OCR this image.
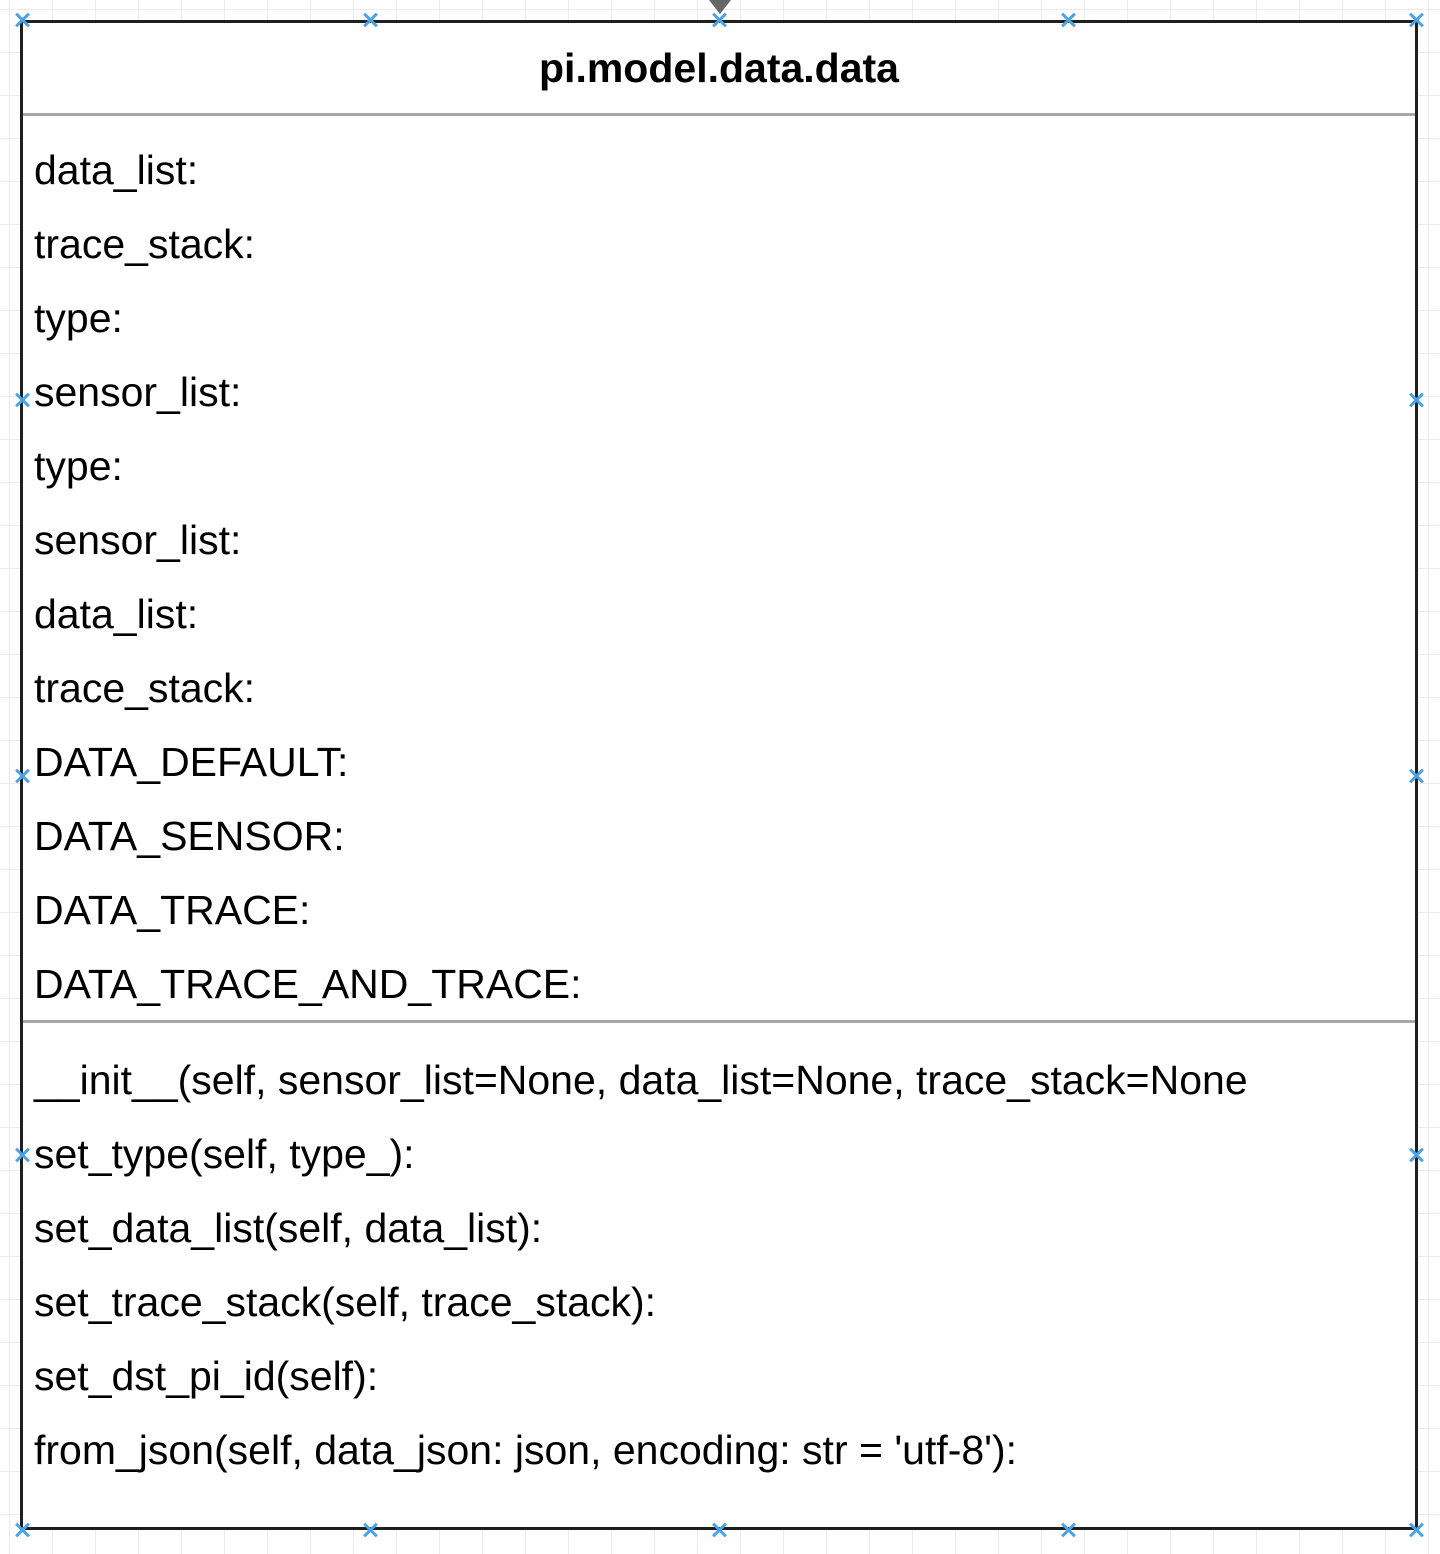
pi.model.data.data
data_list:
trace_stack:
type:
sensor_list:
type:
sensor_list:
data_list:
trace_stack:
DATA_DEFAULT:
DATA_SENSOR:
DATA_TRACE:
DATA_TRACE_AND_TRACE:
__init__(self, sensor_list=None, data_list=None, trace_stack=None
set_type(self, type_):
set_data_list(self, data_list):
set_trace_stack(self, trace_stack):
set_dst_pi_id(self):
from_json(self, data_json: json, encoding: str = 'utf-8'):
